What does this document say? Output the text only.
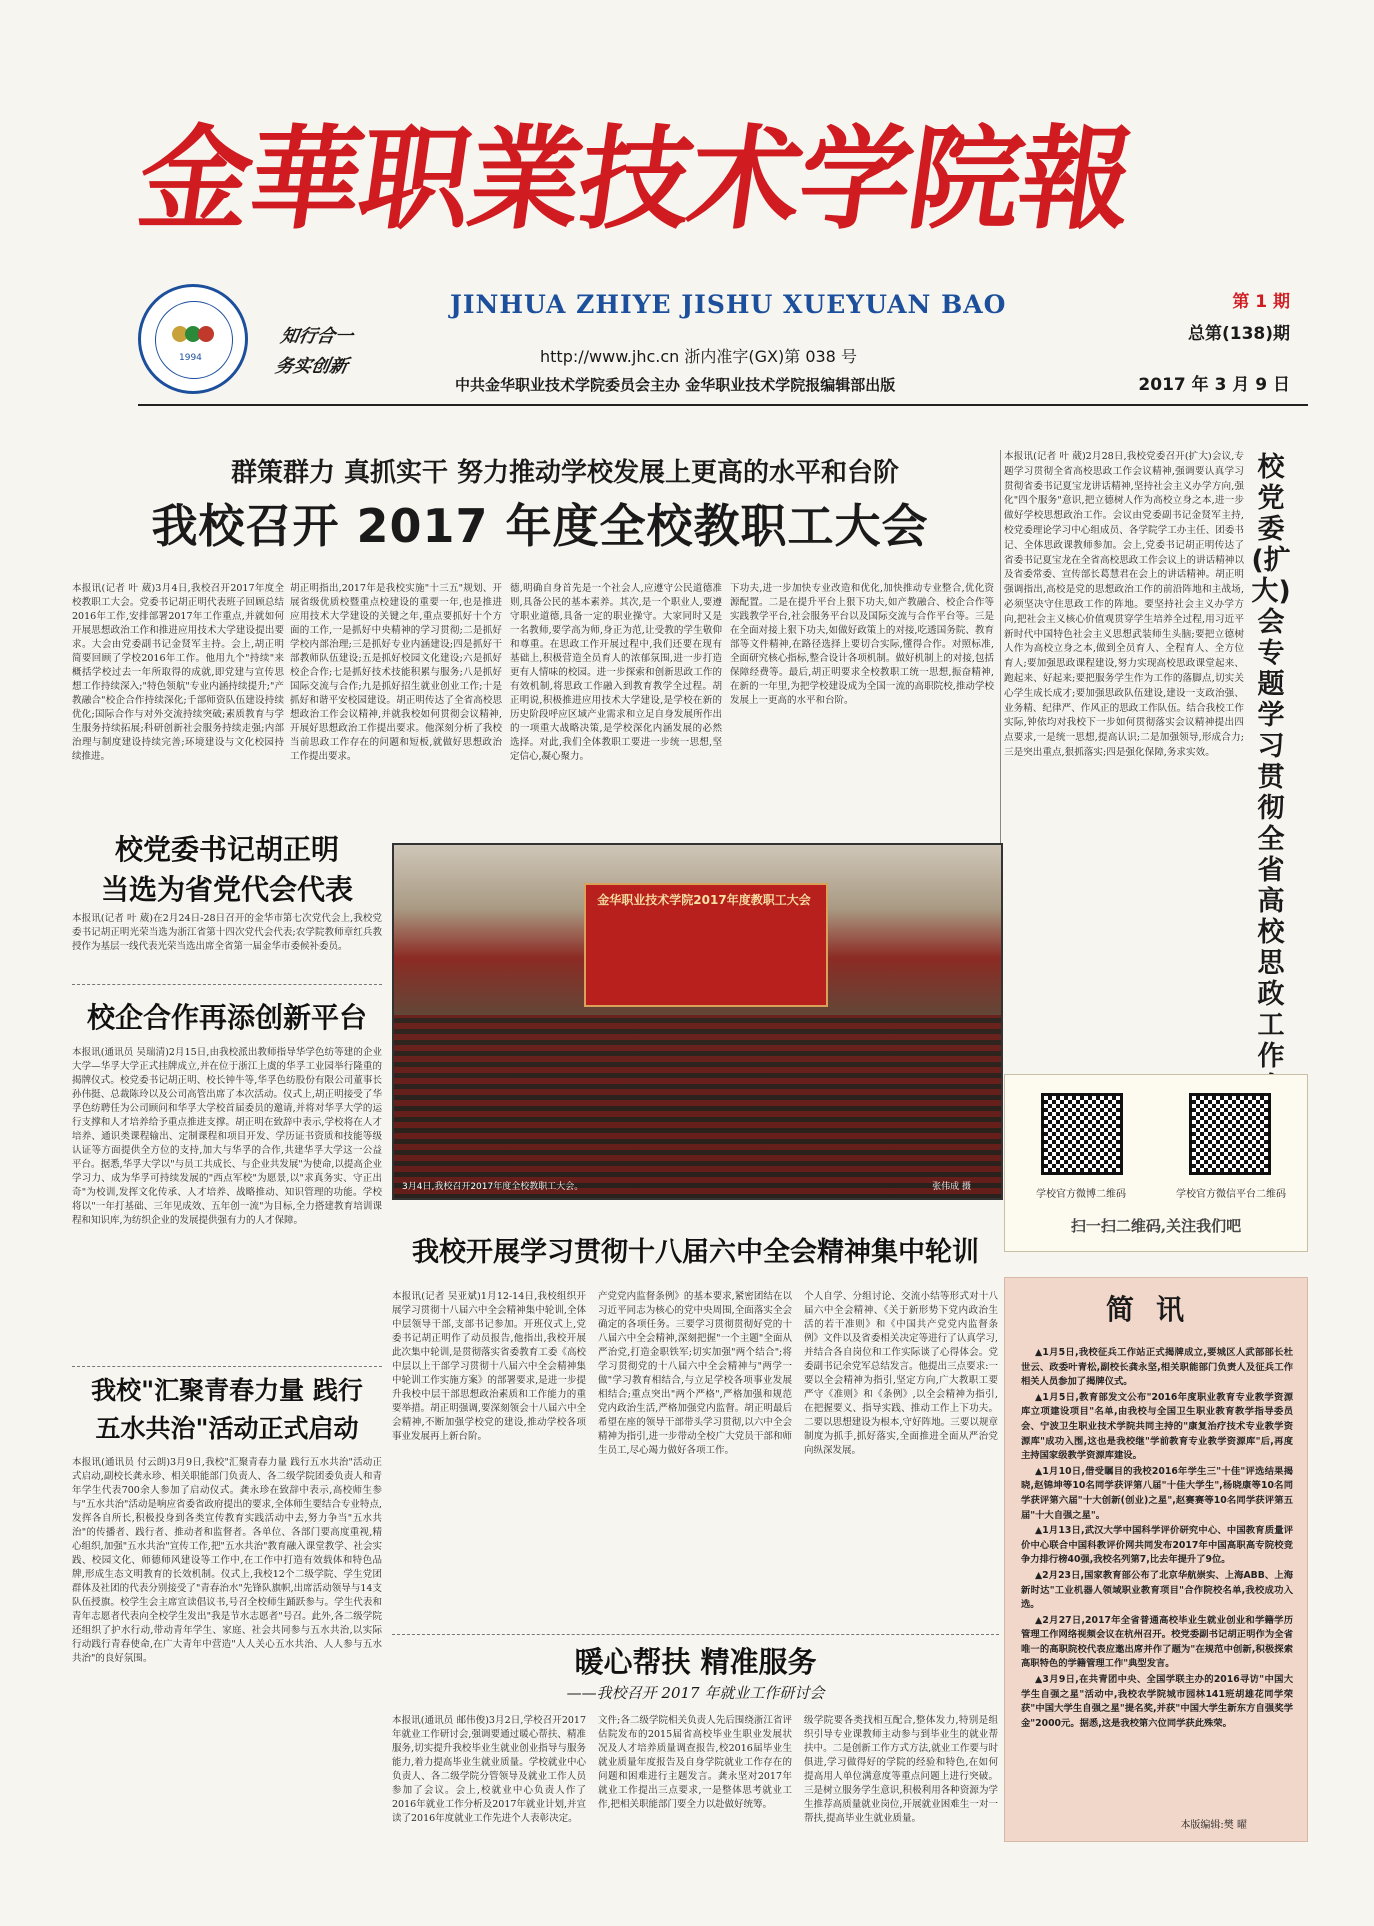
1994
知行合一
务实创新
金華职業技术学院報
JINHUA ZHIYE JISHU XUEYUAN BAO	第 1 期
总第(138)期
http://www.jhc.cn 浙内准字(GX)第 038 号
中共金华职业技术学院委员会主办 金华职业技术学院报编辑部出版	2017 年 3 月 9 日
群策群力 真抓实干 努力推动学校发展上更高的水平和台阶
我校召开 2017 年度全校教职工大会
本报讯(记者 叶 葳)3月4日,我校召开2017年度全校教职工大会。党委书记胡正明代表班子回顾总结2016年工作,安排部署2017年工作重点,并就如何开展思想政治工作和推进应用技术大学建设提出要求。大会由党委副书记金贤军主持。会上,胡正明简要回顾了学校2016年工作。他用九个"持续"来概括学校过去一年所取得的成就,即党建与宣传思想工作持续深入;"特色领航"专业内涵持续提升;"产教融合"校企合作持续深化;千部师资队伍建设持续优化;国际合作与对外交流持续突破;素质教育与学生服务持续拓展;科研创新社会服务持续走强;内部治理与制度建设持续完善;环境建设与文化校园持续推进。
胡正明指出,2017年是我校实施"十三五"规划、开展省级优质校暨重点校建设的重要一年,也是推进应用技术大学建设的关键之年,重点要抓好十个方面的工作,一是抓好中央精神的学习贯彻;二是抓好学校内部治理;三是抓好专业内涵建设;四是抓好干部教师队伍建设;五是抓好校园文化建设;六是抓好校企合作;七是抓好技术技能积累与服务;八是抓好国际交流与合作;九是抓好招生就业创业工作;十是抓好和谐平安校园建设。胡正明传达了全省高校思想政治工作会议精神,并就我校如何贯彻会议精神,开展好思想政治工作提出要求。他深刻分析了我校当前思政工作存在的问题和短板,就做好思想政治工作提出要求。
德,明确自身首先是一个社会人,应遵守公民道德准则,具备公民的基本素养。其次,是一个职业人,要遵守职业道德,具备一定的职业操守。大家同时又是一名教师,要学高为师,身正为范,让受教的学生敬仰和尊重。在思政工作开展过程中,我们还要在现有基础上,积极营造全员育人的浓郁氛围,进一步打造更有人情味的校园。进一步探索和创新思政工作的有效机制,将思政工作融入到教育教学全过程。胡正明说,积极推进应用技术大学建设,是学校在新的历史阶段呼应区域产业需求和立足自身发展所作出的一项重大战略决策,是学校深化内涵发展的必然选择。对此,我们全体教职工要进一步统一思想,坚定信心,凝心聚力。
下功夫,进一步加快专业改造和优化,加快推动专业整合,优化资源配置。二是在提升平台上狠下功夫,如产教融合、校企合作等实践教学平台,社会服务平台以及国际交流与合作平台等。三是在全面对接上狠下功夫,如做好政策上的对接,吃透国务院、教育部等文件精神,在路径选择上要切合实际,懂得合作。对照标准,全面研究核心指标,整合设计各项机制。做好机制上的对接,包括保障经费等。最后,胡正明要求全校教职工统一思想,振奋精神,在新的一年里,为把学校建设成为全国一流的高职院校,推动学校发展上一更高的水平和台阶。
本报讯(记者 叶 葳)2月28日,我校党委召开(扩大)会议,专题学习贯彻全省高校思政工作会议精神,强调要认真学习贯彻省委书记夏宝龙讲话精神,坚持社会主义办学方向,强化"四个服务"意识,把立德树人作为高校立身之本,进一步做好学校思想政治工作。会议由党委副书记金贤军主持,校党委理论学习中心组成员、各学院学工办主任、团委书记、全体思政课教师参加。会上,党委书记胡正明传达了省委书记夏宝龙在全省高校思政工作会议上的讲话精神以及省委常委、宣传部长葛慧君在会上的讲话精神。胡正明强调指出,高校是党的思想政治工作的前沿阵地和主战场,必须坚决守住思政工作的阵地。要坚持社会主义办学方向,把社会主义核心价值观贯穿学生培养全过程,用习近平新时代中国特色社会主义思想武装师生头脑;要把立德树人作为高校立身之本,做到全员育人、全程育人、全方位育人;要加强思政课程建设,努力实现高校思政课堂起来、跑起来、好起来;要把服务学生作为工作的落脚点,切实关心学生成长成才;要加强思政队伍建设,建设一支政治强、业务精、纪律严、作风正的思政工作队伍。结合我校工作实际,钟依均对我校下一步如何贯彻落实会议精神提出四点要求,一是统一思想,提高认识;二是加强领导,形成合力;三是突出重点,狠抓落实;四是强化保障,务求实效。
校党委(扩大)会专题学习贯彻全省高校思政工作
校党委书记胡正明
当选为省党代会代表
本报讯(记者 叶 葳)在2月24日-28日召开的金华市第七次党代会上,我校党委书记胡正明光荣当选为浙江省第十四次党代会代表;农学院教师章红兵教授作为基层一线代表光荣当选出席全省第一届金华市委候补委员。
校企合作再添创新平台
本报讯(通讯员 吴瑞清)2月15日,由我校派出教师指导华学色纺等建的企业大学—华孚大学正式挂牌成立,并在位于浙江上虞的华孚工业园举行隆重的揭牌仪式。校党委书记胡正明、校长钟牛等,华孚色纺股份有限公司董事长孙伟挺、总裁陈玲以及公司高管出席了本次活动。仪式上,胡正明接受了华孚色纺聘任为公司顾问和华孚大学校首届委员的邀请,并将对华孚大学的运行支撑和人才培养给予重点推进支撑。胡正明在致辞中表示,学校将在人才培养、通识类课程输出、定制课程和项目开发、学历证书资质和技能等级认证等方面提供全方位的支持,加大与华孚的合作,共建华孚大学这一公益平台。据悉,华孚大学以"与员工共成长、与企业共发展"为使命,以提高企业学习力、成为华孚可持续发展的"西点军校"为愿景,以"求真务实、守正出奇"为校训,发挥文化传承、人才培养、战略推动、知识管理的功能。学校将以"一年打基础、三年见成效、五年创一流"为目标,全力搭建教育培训课程和知识库,为纺织企业的发展提供强有力的人才保障。
我校"汇聚青春力量 践行
五水共治"活动正式启动
本报讯(通讯员 付云朗)3月9日,我校"汇聚青春力量 践行五水共治"活动正式启动,副校长龚永珍、相关职能部门负责人、各二级学院团委负责人和青年学生代表700余人参加了启动仪式。龚永珍在致辞中表示,高校师生参与"五水共治"活动是响应省委省政府提出的要求,全体师生要结合专业特点,发挥各自所长,积极投身到各类宣传教育实践活动中去,努力争当"五水共治"的传播者、践行者、推动者和监督者。各单位、各部门要高度重视,精心组织,加强"五水共治"宣传工作,把"五水共治"教育融入课堂教学、社会实践、校园文化、师德师风建设等工作中,在工作中打造有效载体和特色品牌,形成生态文明教育的长效机制。仪式上,我校12个二级学院、学生党团群体及社团的代表分别接受了"青春治水"先锋队旗帜,出席活动领导与14支队伍授旗。校学生会主席宣读倡议书,号召全校师生踊跃参与。学生代表和青年志愿者代表向全校学生发出"我是节水志愿者"号召。此外,各二级学院还组织了护水行动,带动青年学生、家庭、社会共同参与五水共治,以实际行动践行青春使命,在广大青年中营造"人人关心五水共治、人人参与五水共治"的良好氛围。
金华职业技术学院2017年度教职工大会
3月4日,我校召开2017年度全校教职工大会。	张伟成 摄
我校开展学习贯彻十八届六中全会精神集中轮训
本报讯(记者 吴亚斌)1月12-14日,我校组织开展学习贯彻十八届六中全会精神集中轮训,全体中层领导干部,支部书记参加。开班仪式上,党委书记胡正明作了动员报告,他指出,我校开展此次集中轮训,是贯彻落实省委教育工委《高校中层以上干部学习贯彻十八届六中全会精神集中轮训工作实施方案》的部署要求,是进一步提升我校中层干部思想政治素质和工作能力的重要举措。胡正明强调,要深刻领会十八届六中全会精神,不断加强学校党的建设,推动学校各项事业发展再上新台阶。
产党党内监督条例》的基本要求,紧密团结在以习近平同志为核心的党中央周围,全面落实全会确定的各项任务。三要学习贯彻贯彻好党的十八届六中全会精神,深刻把握"一个主题"全面从严治党,打造金职铁军;切实加强"两个结合";将学习贯彻党的十八届六中全会精神与"两学一做"学习教育相结合,与立足学校各项事业发展相结合;重点突出"两个严格",严格加强和规范党内政治生活,严格加强党内监督。胡正明最后希望在座的领导干部带头学习贯彻,以六中全会精神为指引,进一步带动全校广大党员干部和师生员工,尽心竭力做好各项工作。
个人自学、分组讨论、交流小结等形式对十八届六中全会精神、《关于新形势下党内政治生活的若干准则》和《中国共产党党内监督条例》文件以及省委相关决定等进行了认真学习,并结合各自岗位和工作实际谈了心得体会。党委副书记余党军总结发言。他提出三点要求:一要以全会精神为指引,坚定方向,广大教职工要严守《准则》和《条例》,以全会精神为指引,在把握要义、指导实践、推动工作上下功夫。二要以思想建设为根本,守好阵地。三要以规章制度为抓手,抓好落实,全面推进全面从严治党向纵深发展。
暖心帮扶 精准服务
——我校召开 2017 年就业工作研讨会
本报讯(通讯员 邮伟俊)3月2日,学校召开2017年就业工作研讨会,强调要通过暖心帮扶、精准服务,切实提升我校毕业生就业创业指导与服务能力,着力提高毕业生就业质量。学校就业中心负责人、各二级学院分管领导及就业工作人员参加了会议。会上,校就业中心负责人作了2016年就业工作分析及2017年就业计划,并宣读了2016年度就业工作先进个人表彰决定。
文件;各二级学院相关负责人先后围绕浙江省评估院发布的2015届省高校毕业生职业发展状况及人才培养质量调查报告,校2016届毕业生就业质量年度报告及自身学院就业工作存在的问题和困难进行主题发言。龚永坚对2017年就业工作提出三点要求,一是整体思考就业工作,把相关职能部门要全力以赴做好统筹。
级学院要各类找相互配合,整体发力,特别是组织引导专业课教师主动参与到毕业生的就业帮扶中。二是创新工作方式方法,就业工作要与时俱进,学习做得好的学院的经验和特色,在如何提高用人单位满意度等重点问题上进行突破。三是树立服务学生意识,积极利用各种资源为学生推荐高质量就业岗位,开展就业困难生一对一帮扶,提高毕业生就业质量。
学校官方微博二维码	学校官方微信平台二维码
扫一扫二维码,关注我们吧
简讯

▲1月5日,我校征兵工作站正式揭牌成立,要城区人武部部长杜世云、政委叶青松,副校长龚永坚,相关职能部门负责人及征兵工作相关人员参加了揭牌仪式。

▲1月5日,教育部发文公布"2016年度职业教育专业教学资源库立项建设项目"名单,由我校与全国卫生职业教育教学指导委员会、宁波卫生职业技术学院共同主持的"康复治疗技术专业教学资源库"成功入围,这也是我校继"学前教育专业教学资源库"后,再度主持国家级教学资源库建设。

▲1月10日,借受瞩目的我校2016年学生三"十佳"评选结果揭晓,赵锦坤等10名同学获评第八届"十佳大学生",杨晓康等10名同学获评第六届"十大创新(创业)之星",赵赛赛等10名同学获评第五届"十大自强之星"。

▲1月13日,武汉大学中国科学评价研究中心、中国教育质量评价中心联合中国科教评价网共同发布2017年中国高职高专院校竞争力排行榜40强,我校名列第7,比去年提升了9位。

▲2月23日,国家教育部公布了北京华航崇实、上海ABB、上海新时达"工业机器人领域职业教育项目"合作院校名单,我校成功入选。

▲2月27日,2017年全省普通高校毕业生就业创业和学籍学历管理工作网络视频会议在杭州召开。校党委副书记胡正明作为全省唯一的高职院校代表应邀出席并作了题为"在规范中创新,积极探索高职特色的学籍管理工作"典型发言。

▲3月9日,在共青团中央、全国学联主办的2016寻访"中国大学生自强之星"活动中,我校农学院城市园林141班胡雄花同学荣获"中国大学生自强之星"提名奖,并获"中国大学生新东方自强奖学金"2000元。据悉,这是我校第六位同学获此殊荣。

本版编辑:樊 曜
